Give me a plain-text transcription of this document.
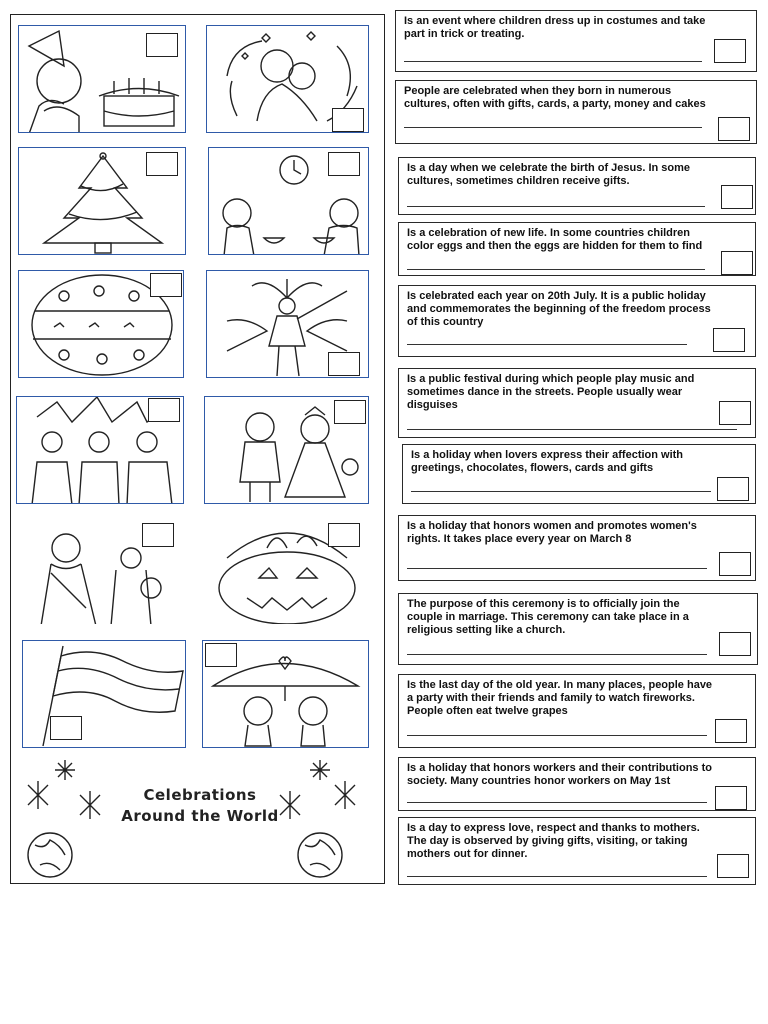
Celebrations
Around the World
Is an event where children dress up in costumes and take part in trick or treating.
People are celebrated when they born in numerous cultures, often with gifts, cards, a party, money and cakes
Is a day when we celebrate the birth of Jesus. In some cultures, sometimes children receive gifts.
Is a celebration of new life. In some countries children color eggs and then the eggs are hidden for them to find
Is celebrated each year on 20th July. It is a public holiday and commemorates the beginning of the freedom process of this country
Is a public festival during which people play music and sometimes dance in the streets. People usually wear disguises
Is a holiday when lovers express their affection with greetings, chocolates, flowers, cards and gifts
Is a holiday that honors women and promotes women's rights. It takes place every year on March 8
The purpose of this ceremony is to officially join the couple in marriage. This ceremony can take place in a religious setting like a church.
Is the last day of the old year. In many places, people have a party with their friends and family to watch fireworks. People often eat twelve grapes
Is a holiday that honors workers and their contributions to society. Many countries honor workers on May 1st
Is a day to express love, respect and thanks to mothers. The day is observed by giving gifts, visiting, or taking mothers out for dinner.
